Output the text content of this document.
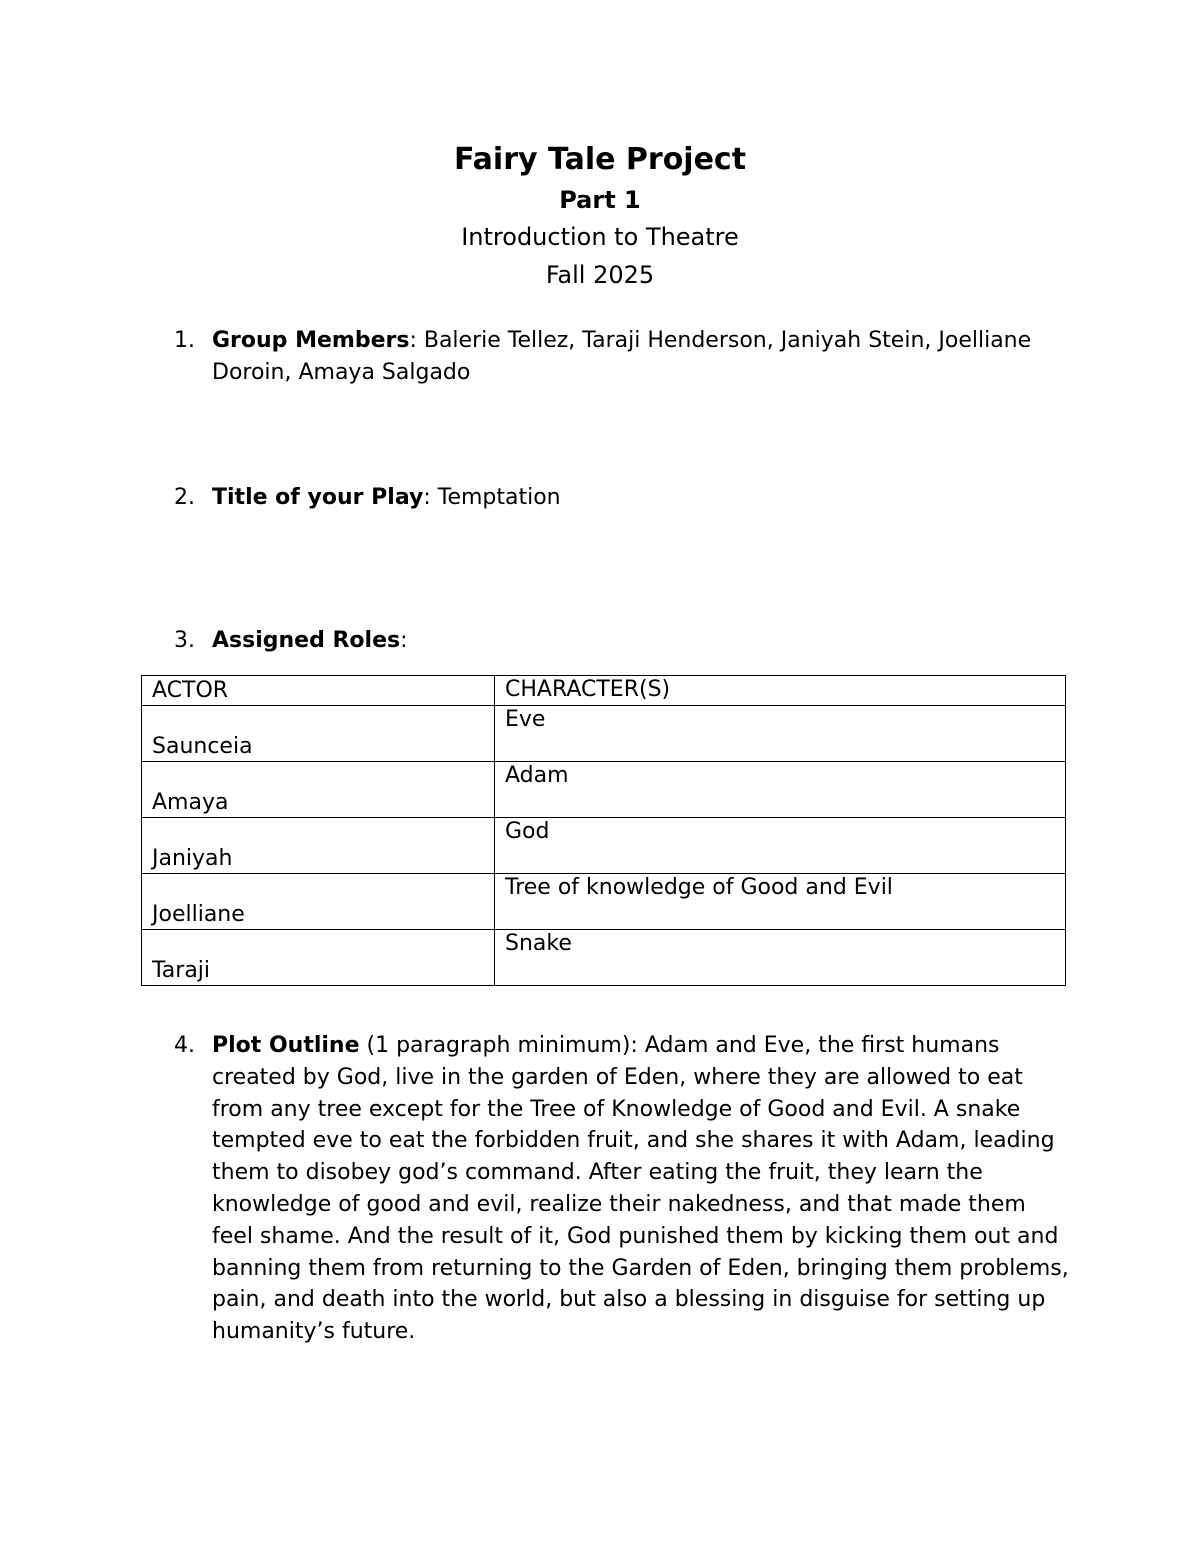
Fairy Tale Project
Part 1
Introduction to Theatre
Fall 2025
1. Group Members: Balerie Tellez, Taraji Henderson, Janiyah Stein, Joelliane Doroin, Amaya Salgado
2. Title of your Play: Temptation
3. Assigned Roles:
ACTOR	CHARACTER(S)
Saunceia	Eve
Amaya	Adam
Janiyah	God
Joelliane	Tree of knowledge of Good and Evil
Taraji	Snake
4. Plot Outline (1 paragraph minimum): Adam and Eve, the first humans created by God, live in the garden of Eden, where they are allowed to eat from any tree except for the Tree of Knowledge of Good and Evil. A snake tempted eve to eat the forbidden fruit, and she shares it with Adam, leading them to disobey god’s command. After eating the fruit, they learn the knowledge of good and evil, realize their nakedness, and that made them feel shame. And the result of it, God punished them by kicking them out and banning them from returning to the Garden of Eden, bringing them problems, pain, and death into the world, but also a blessing in disguise for setting up humanity’s future.
